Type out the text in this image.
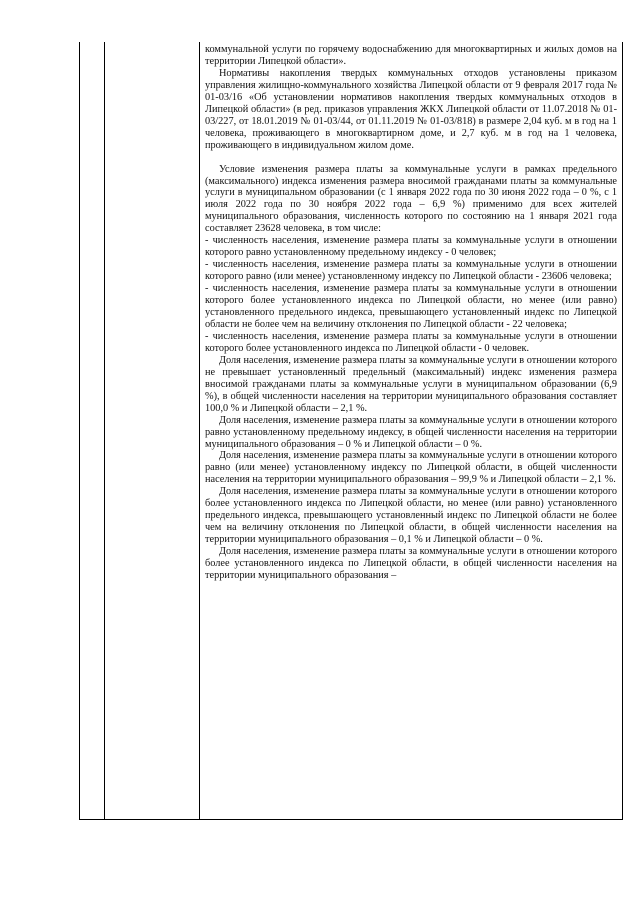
коммунальной услуги по горячему водоснабжению для многоквартирных и жилых домов на территории Липецкой области».

Нормативы накопления твердых коммунальных отходов установлены приказом управления жилищно-коммунального хозяйства Липецкой области от 9 февраля 2017 года № 01-03/16 «Об установлении нормативов накопления твердых коммунальных отходов в Липецкой области» (в ред. приказов управления ЖКХ Липецкой области от 11.07.2018 № 01-03/227, от 18.01.2019 № 01-03/44, от 01.11.2019 № 01-03/818) в размере 2,04 куб. м в год на 1 человека, проживающего в многоквартирном доме, и 2,7 куб. м в год на 1 человека, проживающего в индивидуальном жилом доме.

Условие изменения размера платы за коммунальные услуги в рамках предельного (максимального) индекса изменения размера вносимой гражданами платы за коммунальные услуги в муниципальном образовании (с 1 января 2022 года по 30 июня 2022 года – 0 %, с 1 июля 2022 года по 30 ноября 2022 года – 6,9 %) применимо для всех жителей муниципального образования, численность которого по состоянию на 1 января 2021 года составляет 23628 человека, в том числе:

- численность населения, изменение размера платы за коммунальные услуги в отношении которого равно установленному предельному индексу - 0 человек;

- численность населения, изменение размера платы за коммунальные услуги в отношении которого равно (или менее) установленному индексу по Липецкой области - 23606 человека;

- численность населения, изменение размера платы за коммунальные услуги в отношении которого более установленного индекса по Липецкой области, но менее (или равно) установленного предельного индекса, превышающего установленный индекс по Липецкой области не более чем на величину отклонения по Липецкой области - 22 человека;

- численность населения, изменение размера платы за коммунальные услуги в отношении которого более установленного индекса по Липецкой области - 0 человек.

Доля населения, изменение размера платы за коммунальные услуги в отношении которого не превышает установленный предельный (максимальный) индекс изменения размера вносимой гражданами платы за коммунальные услуги в муниципальном образовании (6,9 %), в общей численности населения на территории муниципального образования составляет 100,0 % и Липецкой области – 2,1 %.

Доля населения, изменение размера платы за коммунальные услуги в отношении которого равно установленному предельному индексу, в общей численности населения на территории муниципального образования – 0 % и Липецкой области – 0 %.

Доля населения, изменение размера платы за коммунальные услуги в отношении которого равно (или менее) установленному индексу по Липецкой области, в общей численности населения на территории муниципального образования – 99,9 % и Липецкой области – 2,1 %.

Доля населения, изменение размера платы за коммунальные услуги в отношении которого более установленного индекса по Липецкой области, но менее (или равно) установленного предельного индекса, превышающего установленный индекс по Липецкой области не более чем на величину отклонения по Липецкой области, в общей численности населения на территории муниципального образования – 0,1 % и Липецкой области – 0 %.

Доля населения, изменение размера платы за коммунальные услуги в отношении которого более установленного индекса по Липецкой области, в общей численности населения на территории муниципального образования –
